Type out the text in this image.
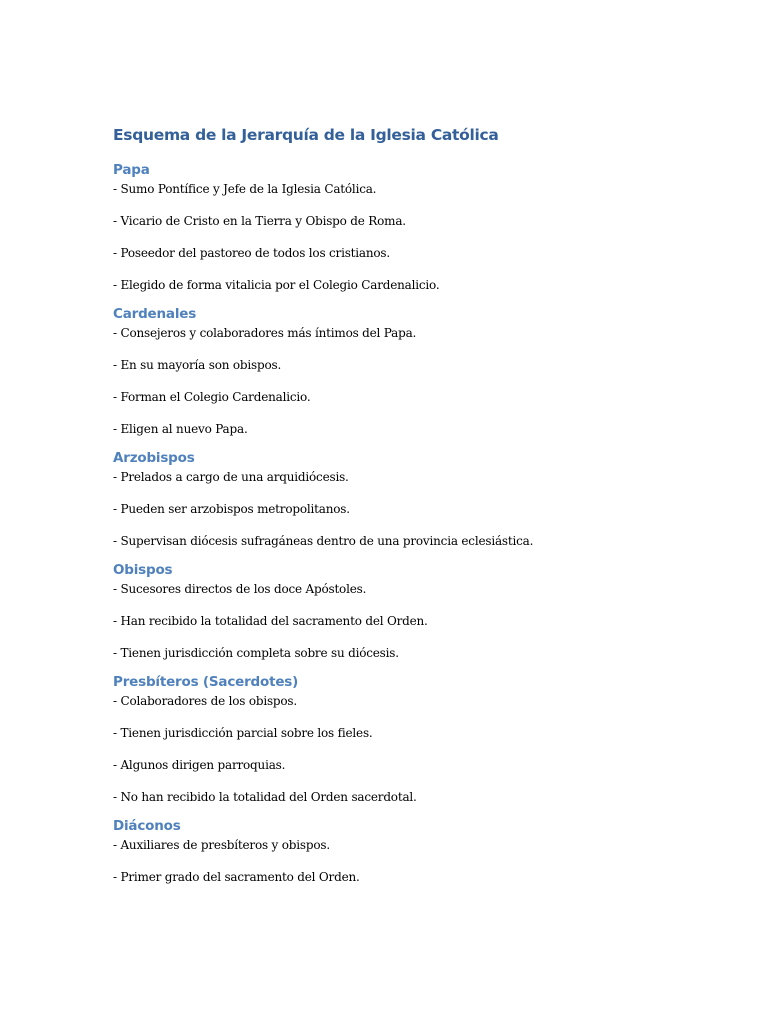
Esquema de la Jerarquía de la Iglesia Católica
Papa

- Sumo Pontífice y Jefe de la Iglesia Católica.

- Vicario de Cristo en la Tierra y Obispo de Roma.

- Poseedor del pastoreo de todos los cristianos.

- Elegido de forma vitalicia por el Colegio Cardenalicio.

Cardenales

- Consejeros y colaboradores más íntimos del Papa.

- En su mayoría son obispos.

- Forman el Colegio Cardenalicio.

- Eligen al nuevo Papa.

Arzobispos

- Prelados a cargo de una arquidiócesis.

- Pueden ser arzobispos metropolitanos.

- Supervisan diócesis sufragáneas dentro de una provincia eclesiástica.

Obispos

- Sucesores directos de los doce Apóstoles.

- Han recibido la totalidad del sacramento del Orden.

- Tienen jurisdicción completa sobre su diócesis.

Presbíteros (Sacerdotes)

- Colaboradores de los obispos.

- Tienen jurisdicción parcial sobre los fieles.

- Algunos dirigen parroquias.

- No han recibido la totalidad del Orden sacerdotal.

Diáconos

- Auxiliares de presbíteros y obispos.

- Primer grado del sacramento del Orden.
